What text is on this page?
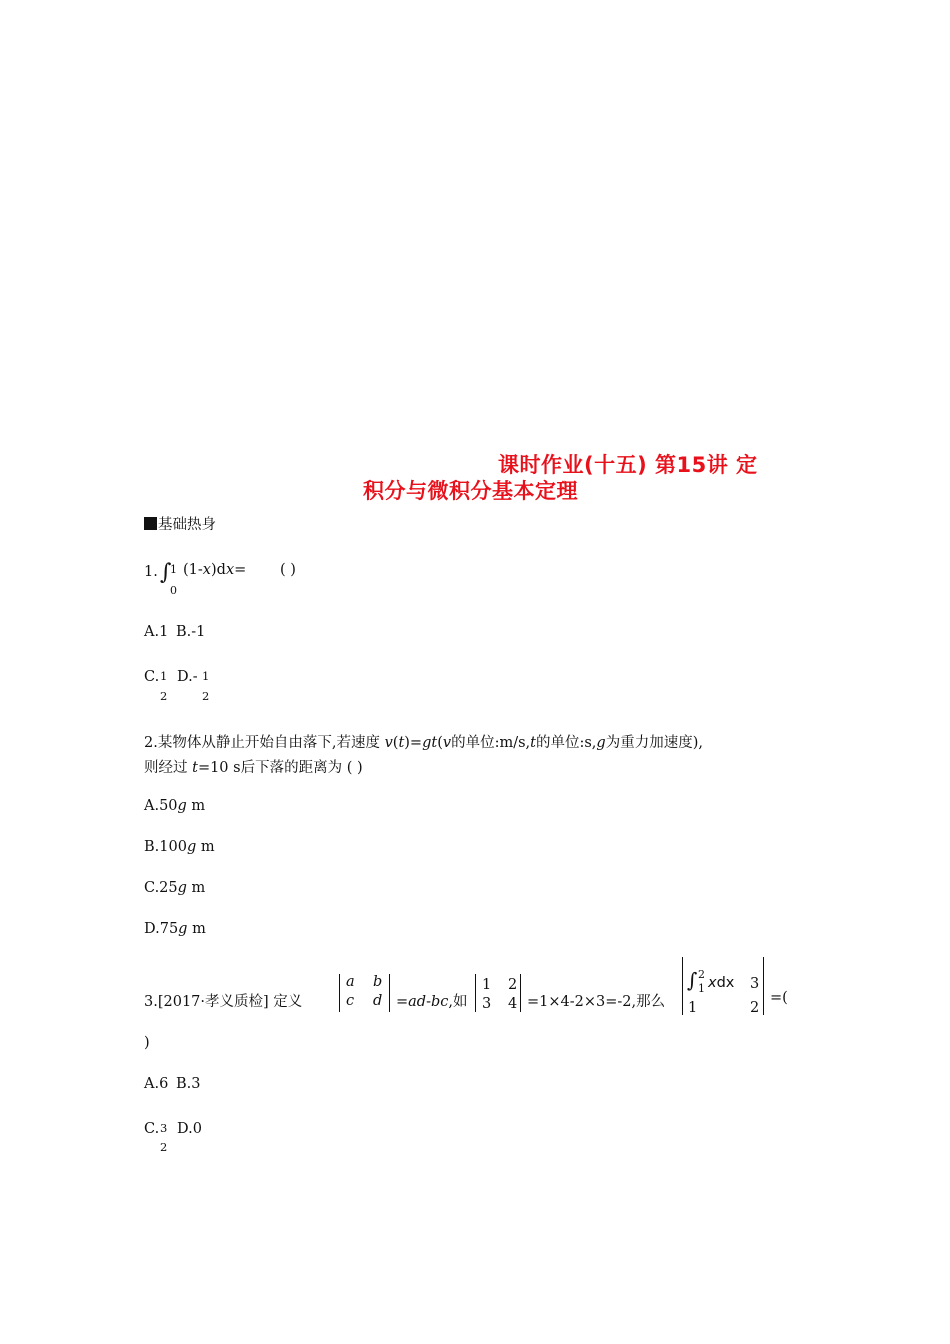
课时作业(十五) 第15讲 定
积分与微积分基本定理
基础热身
1. ∫
1
0
(1-x)dx= ( )
A.1 B.-1
C. 1
2
D.- 1
2
2.某物体从静止开始自由落下,若速度 v(t)=gt(v的单位:m/s,t的单位:s,g为重力加速度),
则经过 t=10 s后下落的距离为 ( )
A.50g m
B.100g m
C.25g m
D.75g m
3.[2017·孝义质检] 定义
a b
c d =ad-bc,如
1 2
3 4 =1×4-2×3=-2,那么
∫ 2
1 xdx 3
1	2
=(
)
A.6 B.3
C. 3
2
D.0
